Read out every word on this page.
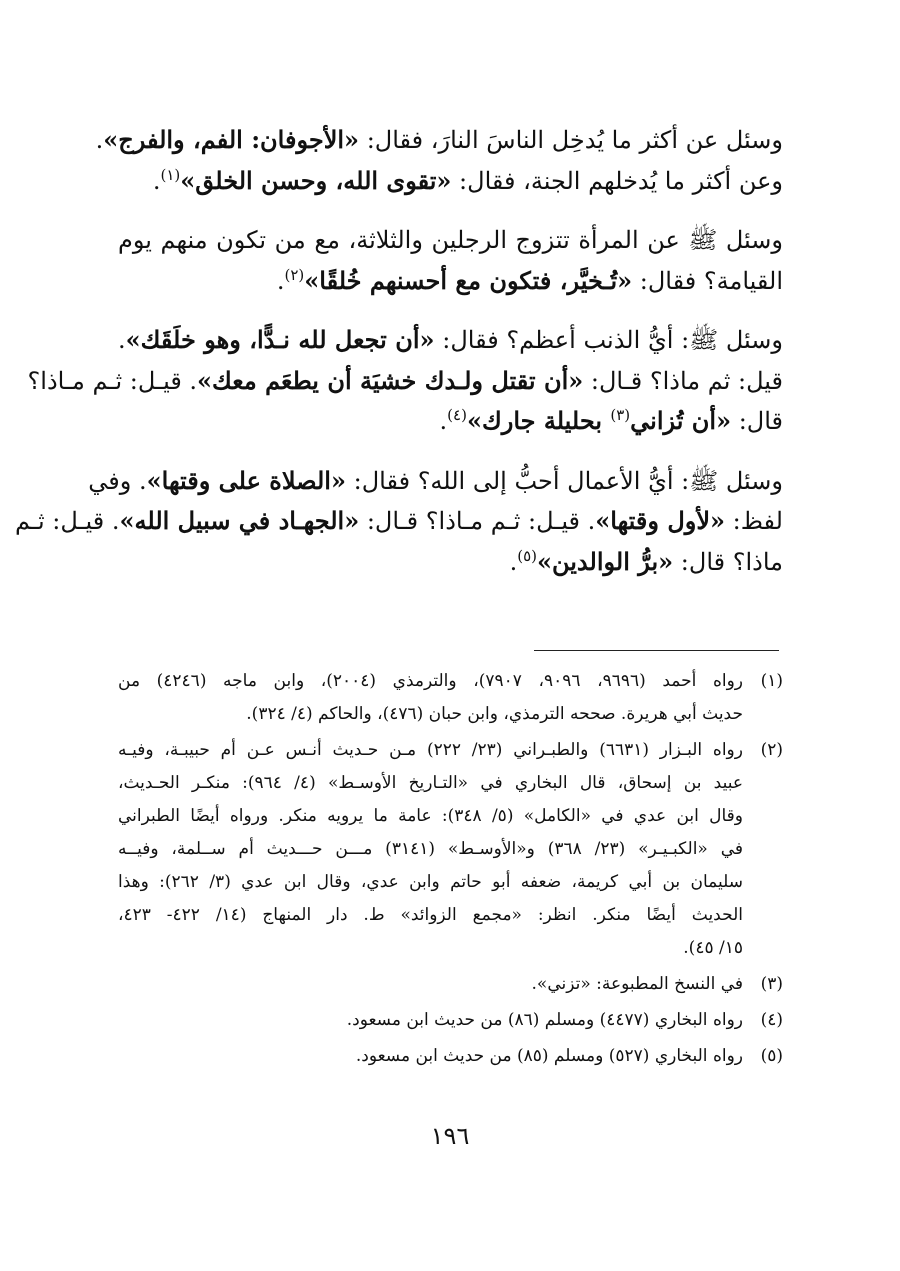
وسئل عن أكثر ما يُدخِل الناسَ النارَ، فقال: «الأجوفان: الفم، والفرج».
وعن أكثر ما يُدخلهم الجنة، فقال: «تقوى الله، وحسن الخلق»$^{(١)}$.
وسئل ﷺ عن المرأة تتزوج الرجلين والثلاثة، مع من تكون منهم يوم
القيامة؟ فقال: «تُـخيَّر، فتكون مع أحسنهم خُلقًا»$^{(٢)}$.
وسئل ﷺ: أيُّ الذنب أعظم؟ فقال: «أن تجعل لله نـدًّا، وهو خلَقَك».
قيل: ثم ماذا؟ قـال: «أن تقتل ولـدك خشيَة أن يطعَم معك». قيـل: ثـم مـاذا؟
قال: «أن تُزاني$^{(٣)}$ بحليلة جارك»$^{(٤)}$.
وسئل ﷺ: أيُّ الأعمال أحبُّ إلى الله؟ فقال: «الصلاة على وقتها». وفي
لفظ: «لأول وقتها». قيـل: ثـم مـاذا؟ قـال: «الجهـاد في سبيل الله». قيـل: ثـم
ماذا؟ قال: «برُّ الوالدين»$^{(٥)}$.
(١)
رواه أحمد (٩٦٩٦، ٩٠٩٦، ٧٩٠٧)، والترمذي (٢٠٠٤)، وابن ماجه (٤٢٤٦) من
حديث أبي هريرة. صححه الترمذي، وابن حبان (٤٧٦)، والحاكم (٤/ ٣٢٤).
(٢)
رواه البـزار (٦٦٣١) والطبـراني (٢٣/ ٢٢٢) مـن حـديث أنـس عـن أم حبيبـة، وفيـه
عبيد بن إسحاق، قال البخاري في «التـاريخ الأوسـط» (٤/ ٩٦٤): منكـر الحـديث،
وقال ابن عدي في «الكامل» (٥/ ٣٤٨): عامة ما يرويه منكر. ورواه أيضًا الطبراني
في «الكبـيـر» (٢٣/ ٣٦٨) و«الأوسـط» (٣١٤١) مـــن حـــديث أم ســلمة، وفيــه
سليمان بن أبي كريمة، ضعفه أبو حاتم وابن عدي، وقال ابن عدي (٣/ ٢٦٢): وهذا
الحديث أيضًا منكر. انظر: «مجمع الزوائد» ط. دار المنهاج (١٤/ ٤٢٢- ٤٢٣،
١٥/ ٤٥).
(٣)
في النسخ المطبوعة: «تزني».
(٤)
رواه البخاري (٤٤٧٧) ومسلم (٨٦) من حديث ابن مسعود.
(٥)
رواه البخاري (٥٢٧) ومسلم (٨٥) من حديث ابن مسعود.
١٩٦
